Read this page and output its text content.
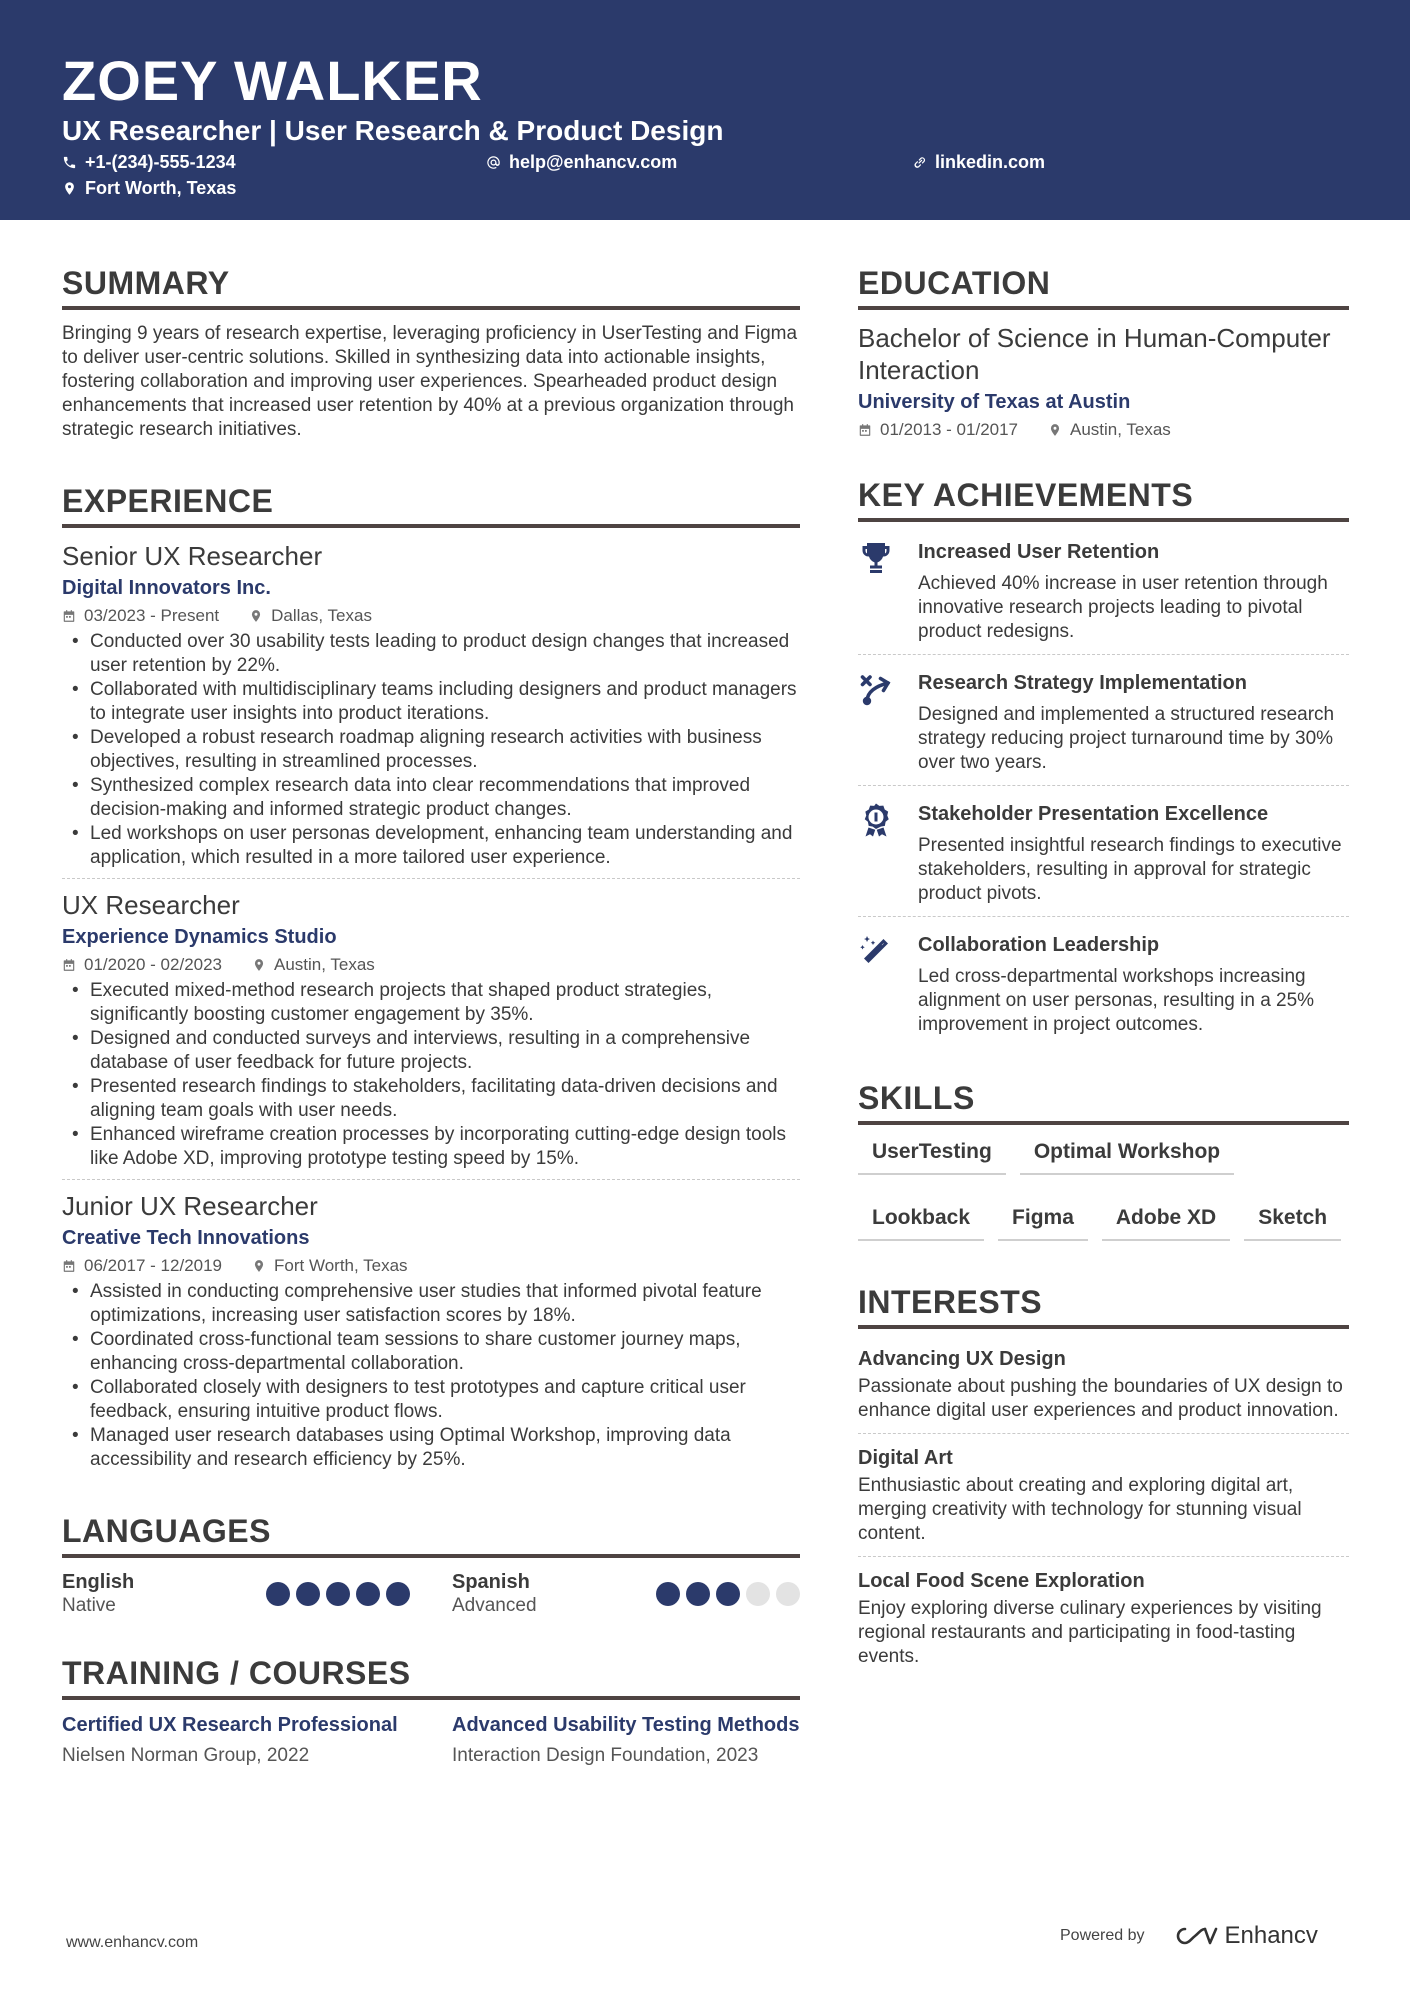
ZOEY WALKER
UX Researcher | User Research & Product Design
+1-(234)-555-1234	help@enhancv.com	linkedin.com
Fort Worth, Texas
SUMMARY

Bringing 9 years of research expertise, leveraging proficiency in UserTesting and Figma to deliver user-centric solutions. Skilled in synthesizing data into actionable insights, fostering collaboration and improving user experiences. Spearheaded product design enhancements that increased user retention by 40% at a previous organization through strategic research initiatives.

EXPERIENCE
Senior UX Researcher
Digital Innovators Inc.
03/2023 - Present	Dallas, Texas
• Conducted over 30 usability tests leading to product design changes that increased user retention by 22%.
• Collaborated with multidisciplinary teams including designers and product managers to integrate user insights into product iterations.
• Developed a robust research roadmap aligning research activities with business objectives, resulting in streamlined processes.
• Synthesized complex research data into clear recommendations that improved decision-making and informed strategic product changes.
• Led workshops on user personas development, enhancing team understanding and application, which resulted in a more tailored user experience.
UX Researcher
Experience Dynamics Studio
01/2020 - 02/2023	Austin, Texas
• Executed mixed-method research projects that shaped product strategies, significantly boosting customer engagement by 35%.
• Designed and conducted surveys and interviews, resulting in a comprehensive database of user feedback for future projects.
• Presented research findings to stakeholders, facilitating data-driven decisions and aligning team goals with user needs.
• Enhanced wireframe creation processes by incorporating cutting-edge design tools like Adobe XD, improving prototype testing speed by 15%.
Junior UX Researcher
Creative Tech Innovations
06/2017 - 12/2019	Fort Worth, Texas
• Assisted in conducting comprehensive user studies that informed pivotal feature optimizations, increasing user satisfaction scores by 18%.
• Coordinated cross-functional team sessions to share customer journey maps, enhancing cross-departmental collaboration.
• Collaborated closely with designers to test prototypes and capture critical user feedback, ensuring intuitive product flows.
• Managed user research databases using Optimal Workshop, improving data accessibility and research efficiency by 25%.
LANGUAGES
English
Native
Spanish
Advanced
TRAINING / COURSES
Certified UX Research Professional
Nielsen Norman Group, 2022
Advanced Usability Testing Methods
Interaction Design Foundation, 2023
EDUCATION
Bachelor of Science in Human-Computer Interaction
University of Texas at Austin
01/2013 - 01/2017	Austin, Texas
KEY ACHIEVEMENTS
Increased User Retention
Achieved 40% increase in user retention through innovative research projects leading to pivotal product redesigns.
Research Strategy Implementation
Designed and implemented a structured research strategy reducing project turnaround time by 30% over two years.
Stakeholder Presentation Excellence
Presented insightful research findings to executive stakeholders, resulting in approval for strategic product pivots.
Collaboration Leadership
Led cross-departmental workshops increasing alignment on user personas, resulting in a 25% improvement in project outcomes.
SKILLS
UserTesting	Optimal Workshop
Lookback	Figma	Adobe XD	Sketch
INTERESTS
Advancing UX Design
Passionate about pushing the boundaries of UX design to enhance digital user experiences and product innovation.
Digital Art
Enthusiastic about creating and exploring digital art, merging creativity with technology for stunning visual content.
Local Food Scene Exploration
Enjoy exploring diverse culinary experiences by visiting regional restaurants and participating in food-tasting events.
www.enhancv.com	Powered by	Enhancv
